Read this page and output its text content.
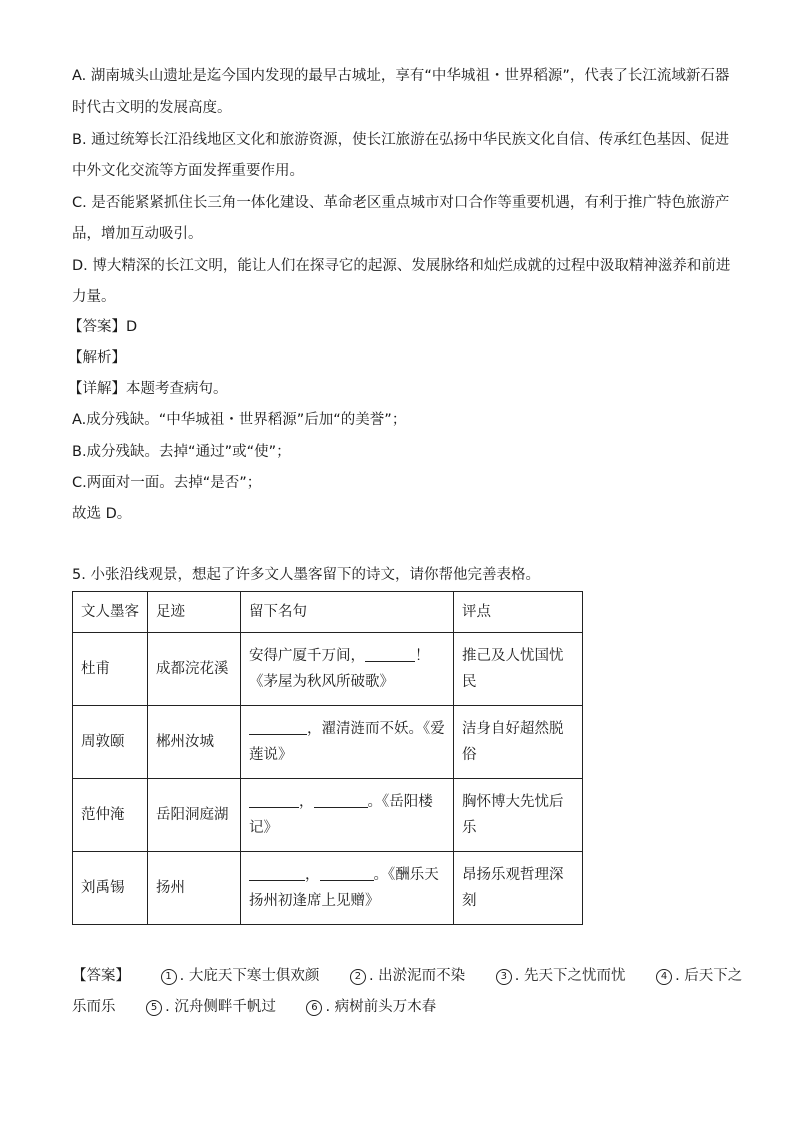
A. 湖南城头山遗址是迄今国内发现的最早古城址，享有“中华城祖・世界稻源”，代表了长江流域新石器
时代古文明的发展高度。
B. 通过统筹长江沿线地区文化和旅游资源，使长江旅游在弘扬中华民族文化自信、传承红色基因、促进
中外文化交流等方面发挥重要作用。
C. 是否能紧紧抓住长三角一体化建设、革命老区重点城市对口合作等重要机遇，有利于推广特色旅游产
品，增加互动吸引。
D. 博大精深的长江文明，能让人们在探寻它的起源、发展脉络和灿烂成就的过程中汲取精神滋养和前进
力量。
【答案】D
【解析】
【详解】本题考查病句。
A.成分残缺。“中华城祖・世界稻源”后加“的美誉”；
B.成分残缺。去掉“通过”或“使”；
C.两面对一面。去掉“是否”；
故选 D。
5. 小张沿线观景，想起了许多文人墨客留下的诗文，请你帮他完善表格。
文人墨客	足迹	留下名句	评点
杜甫	成都浣花溪	安得广厦千万间， ！
《茅屋为秋风所破歌》	推己及人忧国忧民
周敦颐	郴州汝城	，濯清涟而不妖。《爱
莲说》	洁身自好超然脱俗
范仲淹	岳阳洞庭湖	， 。《岳阳楼
记》	胸怀博大先忧后乐
刘禹锡	扬州	， 。《酬乐天
扬州初逢席上见赠》	昂扬乐观哲理深刻
【答案】	1 . 大庇天下寒士俱欢颜	2 . 出淤泥而不染	3 . 先天下之忧而忧	4 . 后天下之
乐而乐	5 . 沉舟侧畔千帆过	6 . 病树前头万木春
